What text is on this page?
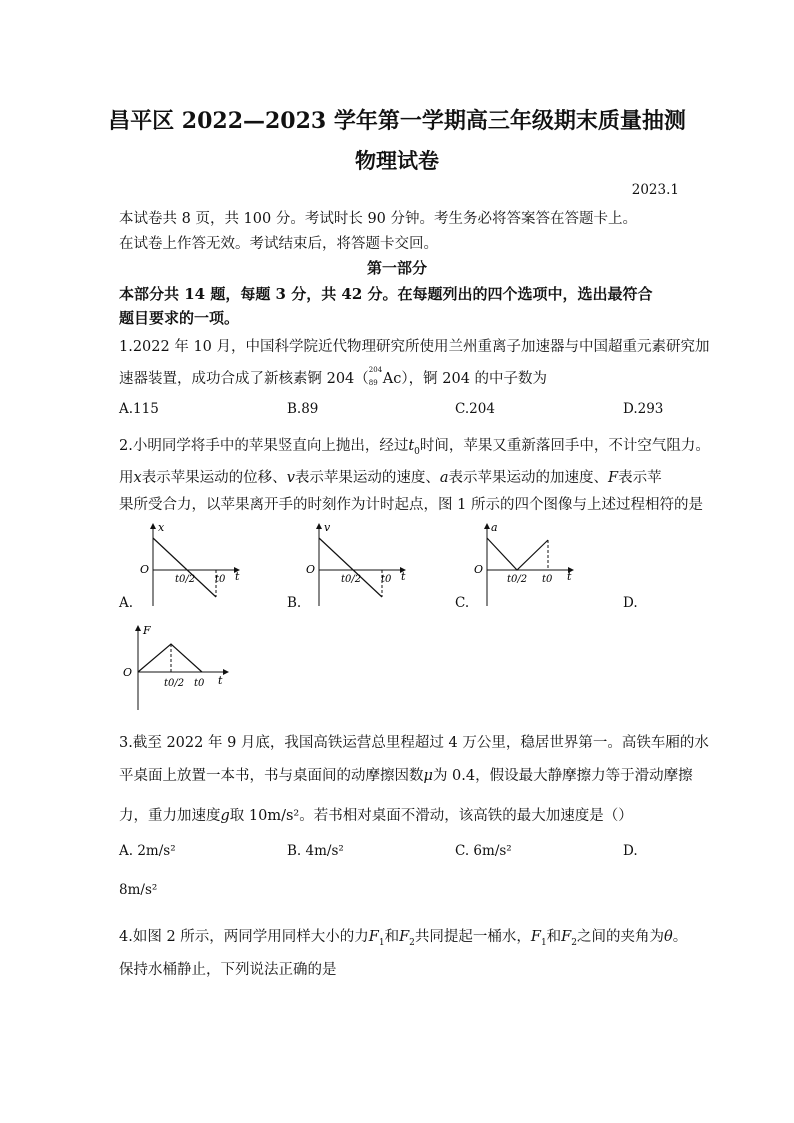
昌平区 2022—2023 学年第一学期高三年级期末质量抽测
物理试卷
2023.1
本试卷共 8 页，共 100 分。考试时长 90 分钟。考生务必将答案答在答题卡上。
在试卷上作答无效。考试结束后，将答题卡交回。
第一部分
本部分共 14 题，每题 3 分，共 42 分。在每题列出的四个选项中，选出最符合
题目要求的一项。
1.2022 年 10 月，中国科学院近代物理研究所使用兰州重离子加速器与中国超重元素研究加
速器装置，成功合成了新核素锕 204（
204
89 Ac），锕 204 的中子数为
A.115	B.89	C.204	D.293
2.小明同学将手中的苹果竖直向上抛出，经过$t_0$时间，苹果又重新落回手中，不计空气阻力。
用x表示苹果运动的位移、v表示苹果运动的速度、a表示苹果运动的加速度、F表示苹
果所受合力，以苹果离开手的时刻作为计时起点，图 1 所示的四个图像与上述过程相符的是
A.
x
O
t0/2 t0 t
B.
v
O
t0/2 t0 t
C.
a
O
t0/2 t0 t
D.
F
O
t0/2 t0 t
3.截至 2022 年 9 月底，我国高铁运营总里程超过 4 万公里，稳居世界第一。高铁车厢的水
平桌面上放置一本书，书与桌面间的动摩擦因数μ为 0.4，假设最大静摩擦力等于滑动摩擦
力，重力加速度g取 10m/s²。若书相对桌面不滑动，该高铁的最大加速度是（）
A. 2m/s²	B. 4m/s²	C. 6m/s²	D.
8m/s²
4.如图 2 所示，两同学用同样大小的力$F_1$和$F_2$共同提起一桶水，$F_1$和$F_2$之间的夹角为θ。
保持水桶静止，下列说法正确的是
